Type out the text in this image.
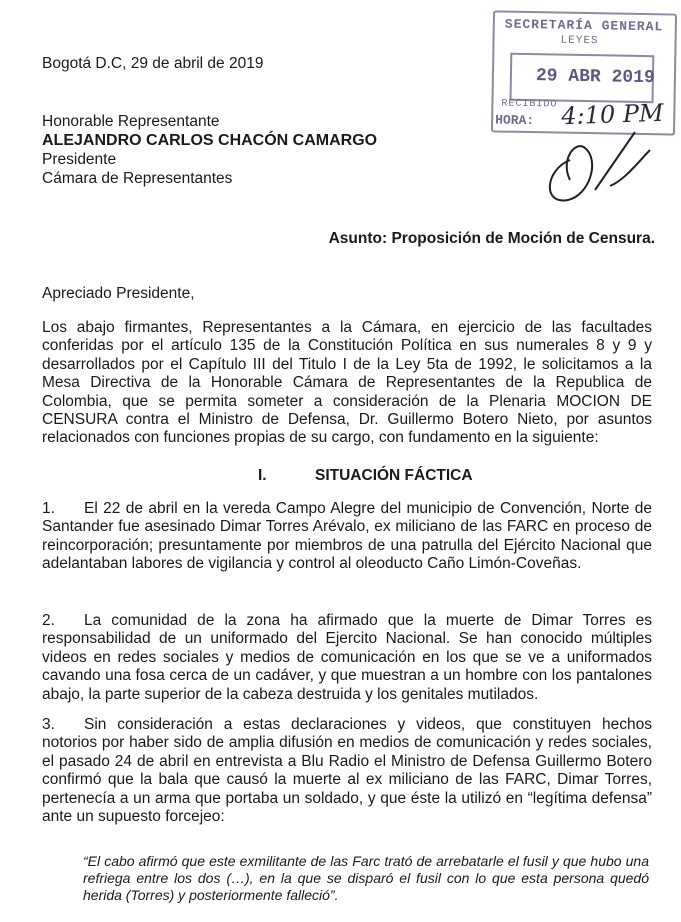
Bogotá D.C, 29 de abril de 2019
SECRETARÍA GENERAL
LEYES
29 ABR 2019
RECIBIDO
HORA: 4:10 PM
Honorable Representante
ALEJANDRO CARLOS CHACÓN CAMARGO
Presidente
Cámara de Representantes
Asunto: Proposición de Moción de Censura.
Apreciado Presidente,
Los abajo firmantes, Representantes a la Cámara, en ejercicio de las facultades conferidas por el artículo 135 de la Constitución Política en sus numerales 8 y 9 y desarrollados por el Capítulo III del Titulo I de la Ley 5ta de 1992, le solicitamos a la Mesa Directiva de la Honorable Cámara de Representantes de la Republica de Colombia, que se permita someter a consideración de la Plenaria MOCION DE CENSURA contra el Ministro de Defensa, Dr. Guillermo Botero Nieto, por asuntos relacionados con funciones propias de su cargo, con fundamento en la siguiente:
I.	SITUACIÓN FÁCTICA
1. El 22 de abril en la vereda Campo Alegre del municipio de Convención, Norte de Santander fue asesinado Dimar Torres Arévalo, ex miliciano de las FARC en proceso de reincorporación; presuntamente por miembros de una patrulla del Ejército Nacional que adelantaban labores de vigilancia y control al oleoducto Caño Limón-Coveñas.
2. La comunidad de la zona ha afirmado que la muerte de Dimar Torres es responsabilidad de un uniformado del Ejercito Nacional. Se han conocido múltiples videos en redes sociales y medios de comunicación en los que se ve a uniformados cavando una fosa cerca de un cadáver, y que muestran a un hombre con los pantalones abajo, la parte superior de la cabeza destruida y los genitales mutilados.
3. Sin consideración a estas declaraciones y videos, que constituyen hechos notorios por haber sido de amplia difusión en medios de comunicación y redes sociales, el pasado 24 de abril en entrevista a Blu Radio el Ministro de Defensa Guillermo Botero confirmó que la bala que causó la muerte al ex miliciano de las FARC, Dimar Torres, pertenecía a un arma que portaba un soldado, y que éste la utilizó en “legítima defensa” ante un supuesto forcejeo:
“El cabo afirmó que este exmilitante de las Farc trató de arrebatarle el fusil y que hubo una refriega entre los dos (…), en la que se disparó el fusil con lo que esta persona quedó herida (Torres) y posteriormente falleció”.
